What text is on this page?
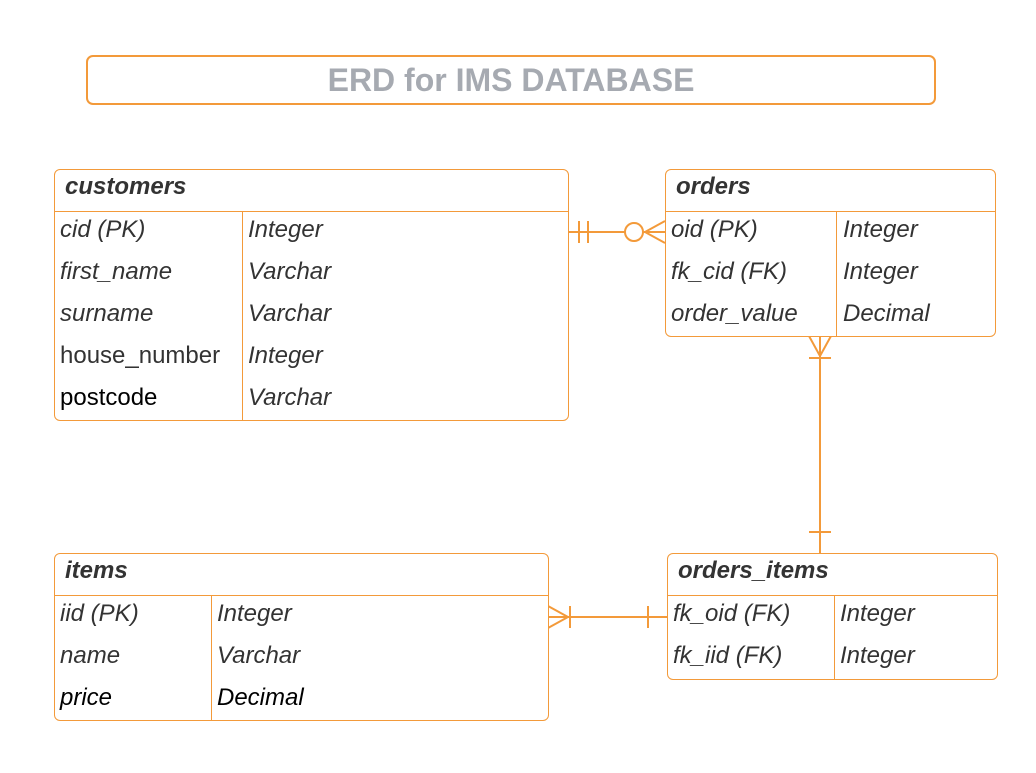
ERD for IMS DATABASE
customers
cid (PK)	Integer
first_name	Varchar
surname	Varchar
house_number Integer
postcode	Varchar
orders
oid (PK)	Integer
fk_cid (FK) Integer
order_value Decimal
items
iid (PK)	Integer
name	Varchar
price	Decimal
orders_items
fk_oid (FK) Integer
fk_iid (FK) Integer
